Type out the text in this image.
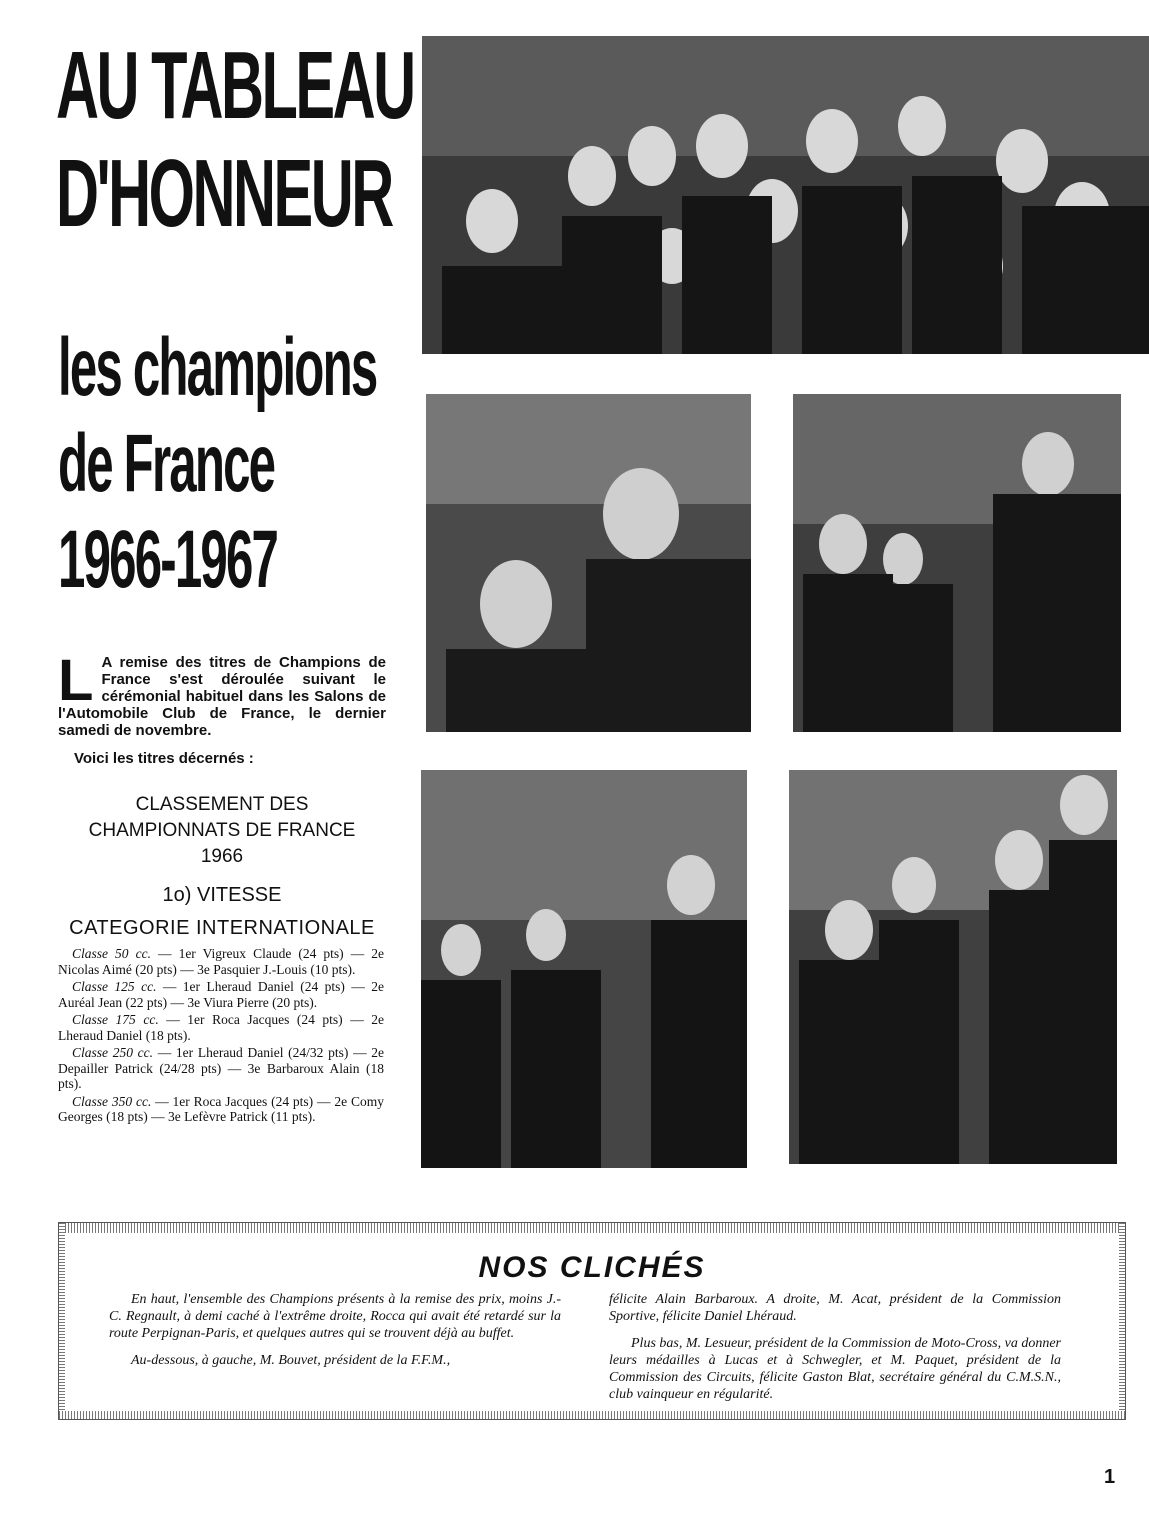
AU TABLEAU
D'HONNEUR
les champions
de France
1966-1967
L A remise des titres de Champions de France s'est déroulée suivant le cérémonial habituel dans les Salons de l'Automobile Club de France, le dernier samedi de novembre.
Voici les titres décernés :
CLASSEMENT DES
CHAMPIONNATS DE FRANCE
1966
1o) VITESSE
CATEGORIE INTERNATIONALE
Classe 50 cc. — 1er Vigreux Claude (24 pts) — 2e Nicolas Aimé (20 pts) — 3e Pasquier J.-Louis (10 pts).
Classe 125 cc. — 1er Lheraud Daniel (24 pts) — 2e Auréal Jean (22 pts) — 3e Viura Pierre (20 pts).
Classe 175 cc. — 1er Roca Jacques (24 pts) — 2e Lheraud Daniel (18 pts).
Classe 250 cc. — 1er Lheraud Daniel (24/32 pts) — 2e Depailler Patrick (24/28 pts) — 3e Barbaroux Alain (18 pts).
Classe 350 cc. — 1er Roca Jacques (24 pts) — 2e Comy Georges (18 pts) — 3e Lefèvre Patrick (11 pts).
NOS CLICHÉS

En haut, l'ensemble des Champions présents à la remise des prix, moins J.-C. Regnault, à demi caché à l'extrême droite, Rocca qui avait été retardé sur la route Perpignan-Paris, et quelques autres qui se trouvent déjà au buffet.

Au-dessous, à gauche, M. Bouvet, président de la F.F.M.,

félicite Alain Barbaroux. A droite, M. Acat, président de la Commission Sportive, félicite Daniel Lhéraud.

Plus bas, M. Lesueur, président de la Commission de Moto-Cross, va donner leurs médailles à Lucas et à Schwegler, et M. Paquet, président de la Commission des Circuits, félicite Gaston Blat, secrétaire général du C.M.S.N., club vainqueur en régularité.

1
